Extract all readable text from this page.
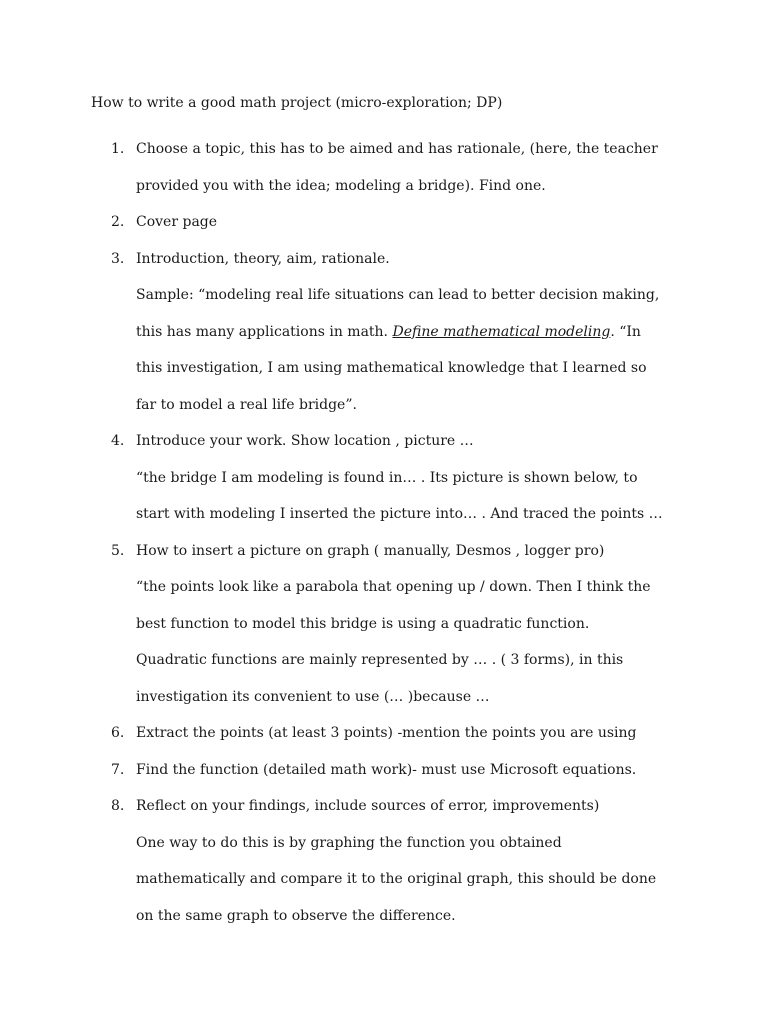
How to write a good math project (micro-exploration; DP)
1. Choose a topic, this has to be aimed and has rationale, (here, the teacher
provided you with the idea; modeling a bridge). Find one.
2. Cover page
3. Introduction, theory, aim, rationale.
Sample: “modeling real life situations can lead to better decision making,
this has many applications in math. Define mathematical modeling. “In
this investigation, I am using mathematical knowledge that I learned so
far to model a real life bridge”.
4. Introduce your work. Show location , picture …
“the bridge I am modeling is found in… . Its picture is shown below, to
start with modeling I inserted the picture into… . And traced the points …
5. How to insert a picture on graph ( manually, Desmos , logger pro)
“the points look like a parabola that opening up / down. Then I think the
best function to model this bridge is using a quadratic function.
Quadratic functions are mainly represented by … . ( 3 forms), in this
investigation its convenient to use (… )because …
6. Extract the points (at least 3 points) -mention the points you are using
7. Find the function (detailed math work)- must use Microsoft equations.
8. Reflect on your findings, include sources of error, improvements)
One way to do this is by graphing the function you obtained
mathematically and compare it to the original graph, this should be done
on the same graph to observe the difference.
